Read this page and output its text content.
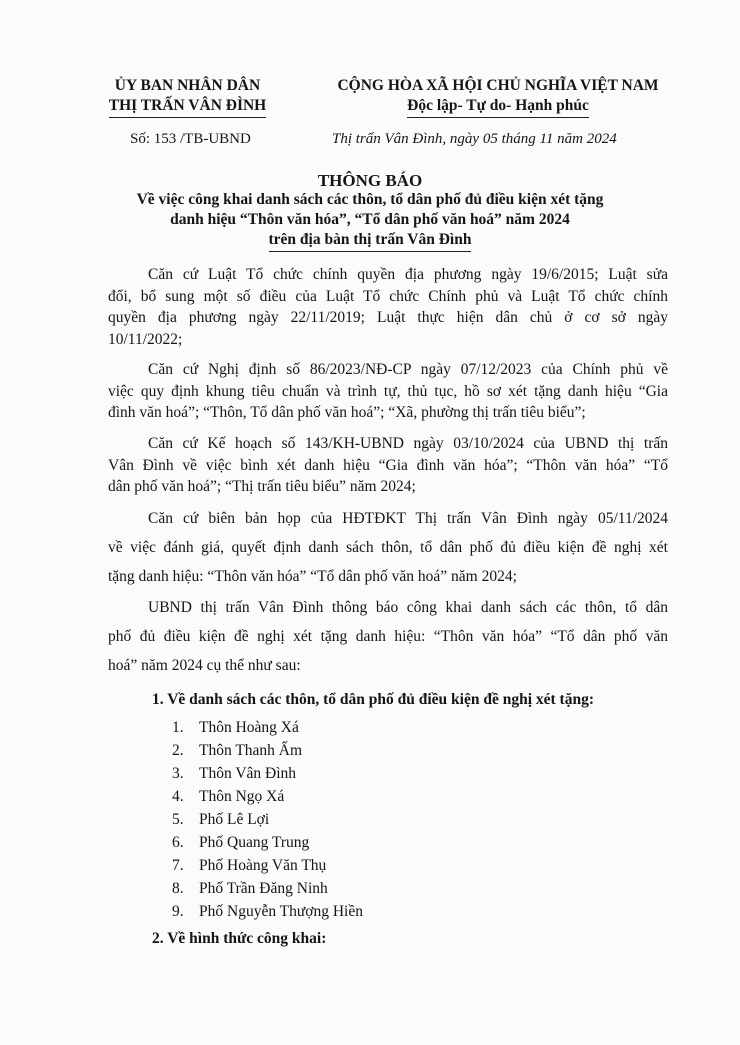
ỦY BAN NHÂN DÂN
THỊ TRẤN VÂN ĐÌNH
CỘNG HÒA XÃ HỘI CHỦ NGHĨA VIỆT NAM
Độc lập- Tự do- Hạnh phúc
Số: 153 /TB-UBND	Thị trấn Vân Đình, ngày 05 tháng 11 năm 2024
THÔNG BÁO
Về việc công khai danh sách các thôn, tổ dân phố đủ điều kiện xét tặng
danh hiệu “Thôn văn hóa”, “Tổ dân phố văn hoá” năm 2024
trên địa bàn thị trấn Vân Đình
Căn cứ Luật Tổ chức chính quyền địa phương ngày 19/6/2015; Luật sửa
đổi, bổ sung một số điều của Luật Tổ chức Chính phủ và Luật Tổ chức chính
quyền địa phương ngày 22/11/2019; Luật thực hiện dân chủ ở cơ sở ngày
10/11/2022;
Căn cứ Nghị định số 86/2023/NĐ-CP ngày 07/12/2023 của Chính phủ về
việc quy định khung tiêu chuẩn và trình tự, thủ tục, hồ sơ xét tặng danh hiệu “Gia
đình văn hoá”; “Thôn, Tổ dân phố văn hoá”; “Xã, phường thị trấn tiêu biểu”;
Căn cứ Kế hoạch số 143/KH-UBND ngày 03/10/2024 của UBND thị trấn
Vân Đình về việc bình xét danh hiệu “Gia đình văn hóa”; “Thôn văn hóa” “Tổ
dân phố văn hoá”; “Thị trấn tiêu biểu” năm 2024;
Căn cứ biên bản họp của HĐTĐKT Thị trấn Vân Đình ngày 05/11/2024
về việc đánh giá, quyết định danh sách thôn, tổ dân phố đủ điều kiện đề nghị xét
tặng danh hiệu: “Thôn văn hóa” “Tổ dân phố văn hoá” năm 2024;
UBND thị trấn Vân Đình thông báo công khai danh sách các thôn, tổ dân
phố đủ điều kiện đề nghị xét tặng danh hiệu: “Thôn văn hóa” “Tổ dân phố văn
hoá” năm 2024 cụ thể như sau:
1. Về danh sách các thôn, tổ dân phố đủ điều kiện đề nghị xét tặng:
1. Thôn Hoàng Xá
2. Thôn Thanh Ấm
3. Thôn Vân Đình
4. Thôn Ngọ Xá
5. Phố Lê Lợi
6. Phố Quang Trung
7. Phố Hoàng Văn Thụ
8. Phố Trần Đăng Ninh
9. Phố Nguyễn Thượng Hiền
2. Về hình thức công khai:
